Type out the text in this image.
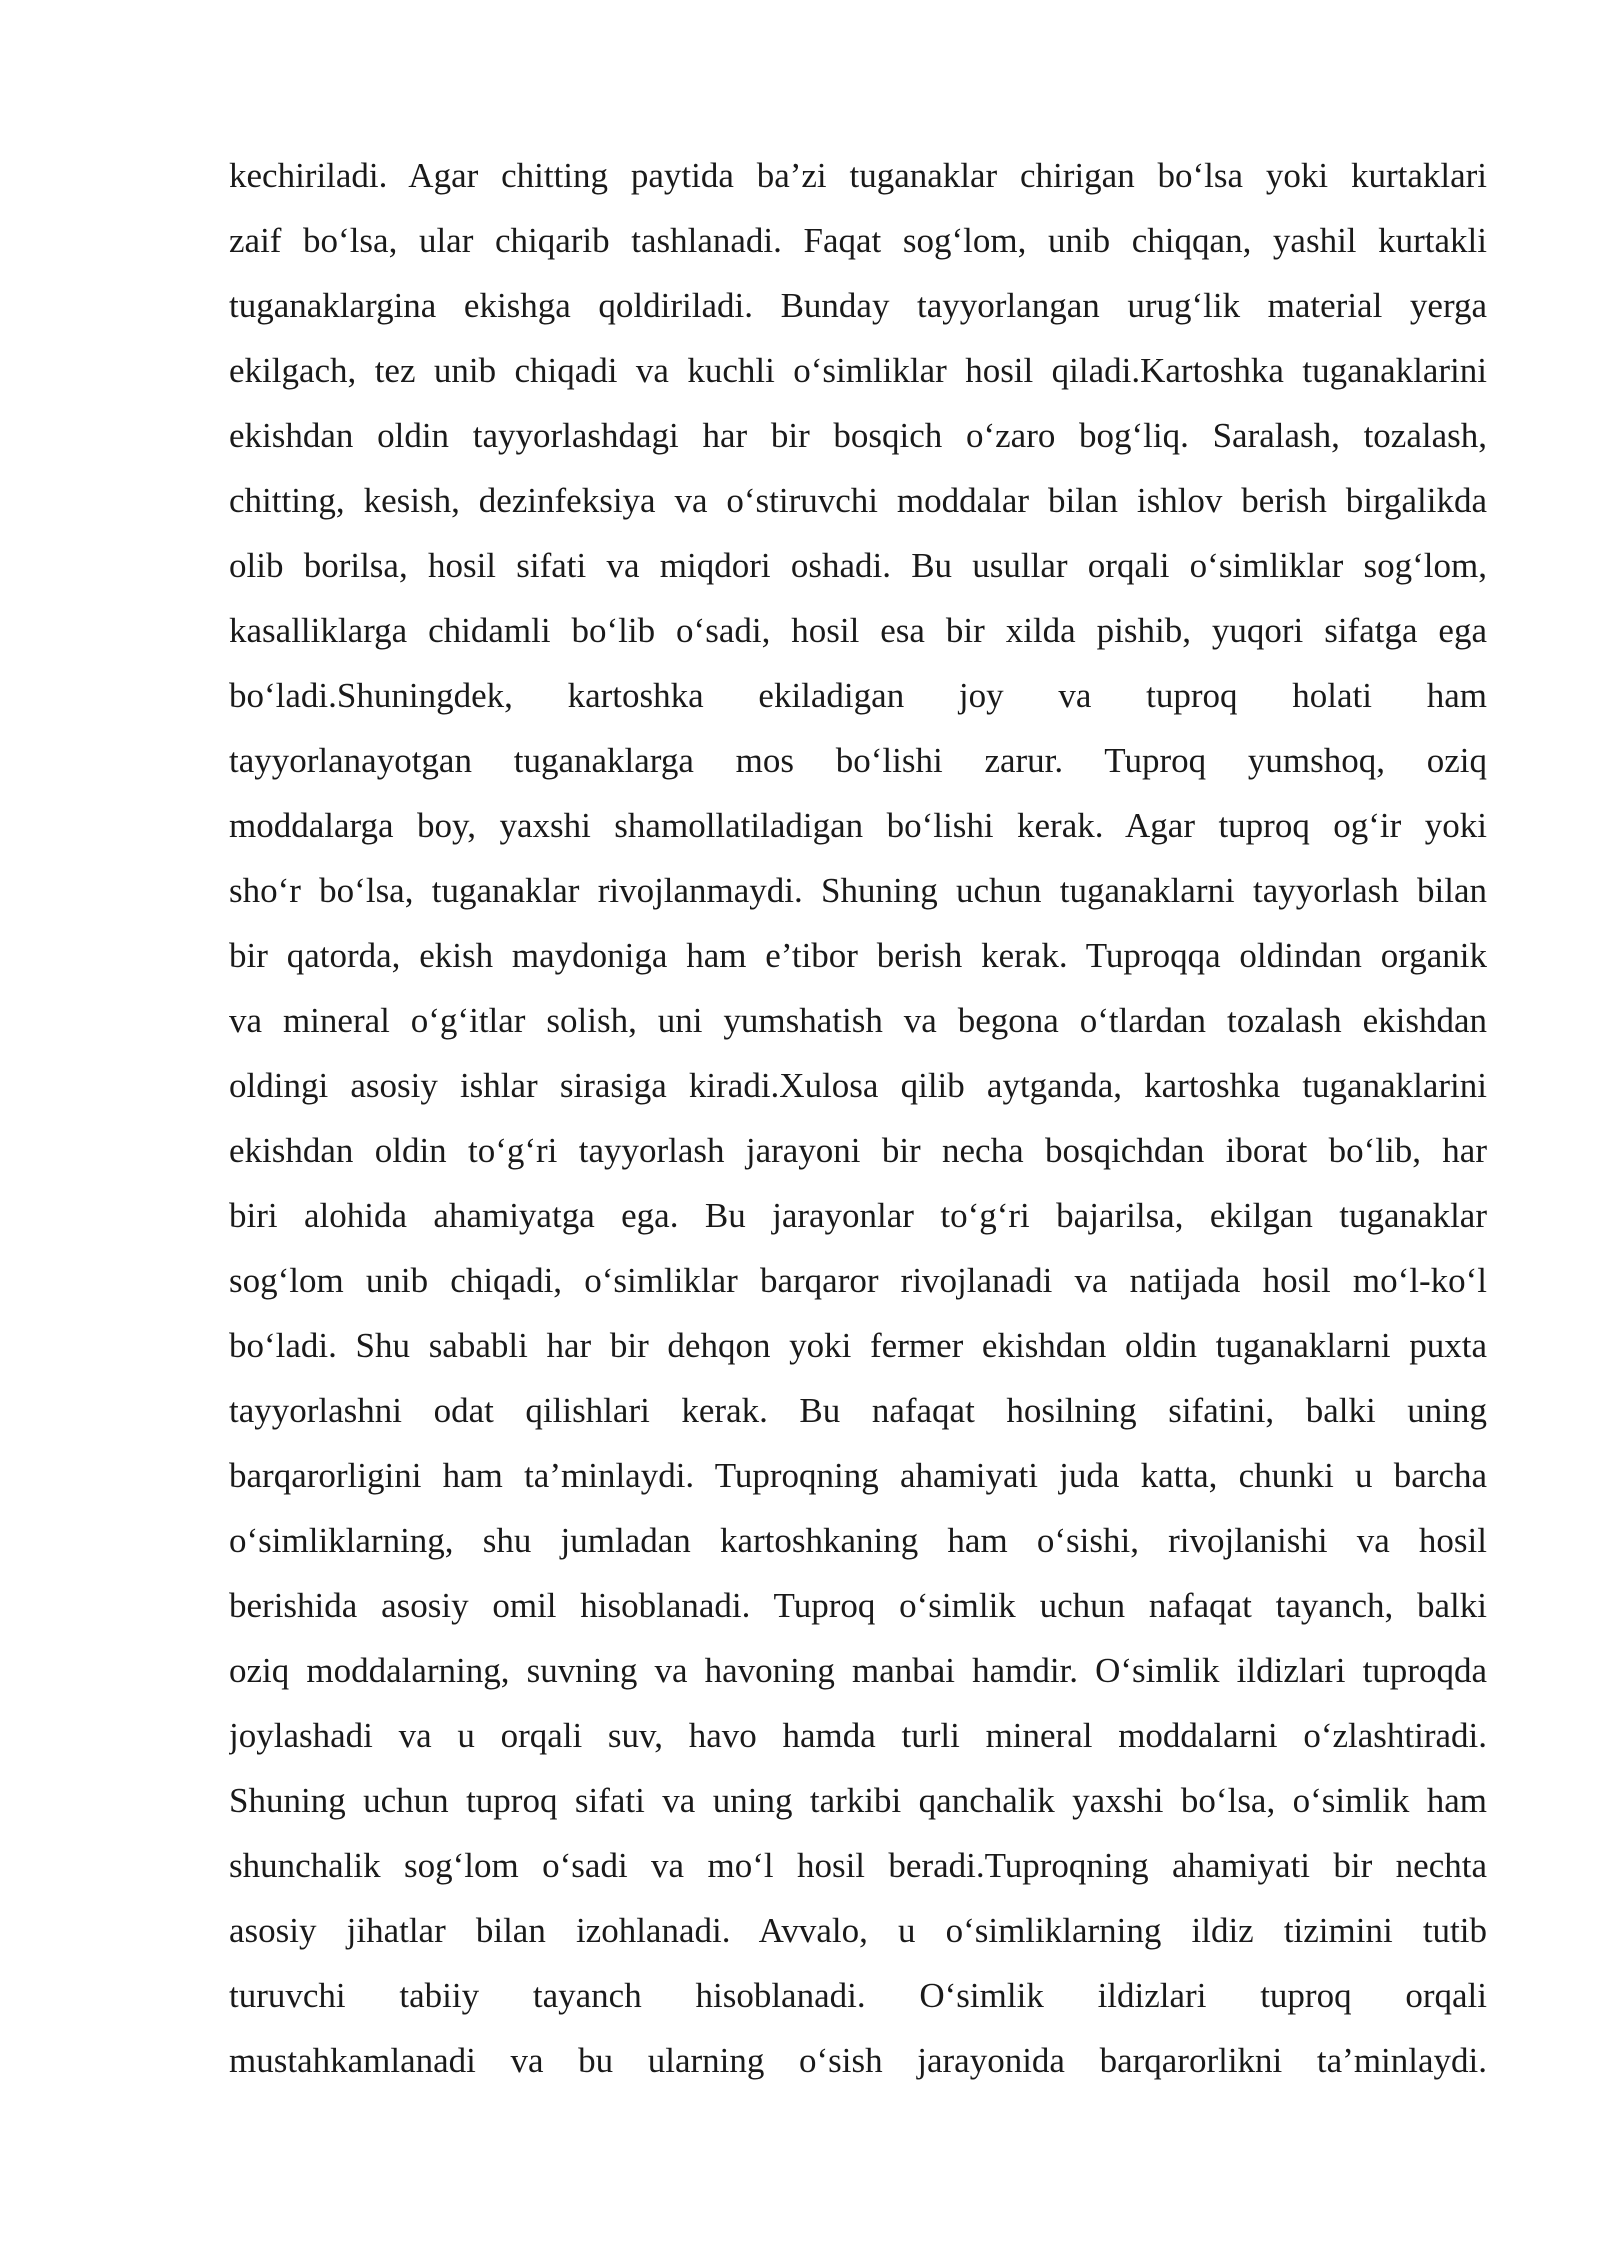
kechiriladi. Agar chitting paytida ba’zi tuganaklar chirigan bo‘lsa yoki kurtaklari
zaif bo‘lsa, ular chiqarib tashlanadi. Faqat sog‘lom, unib chiqqan, yashil kurtakli
tuganaklargina ekishga qoldiriladi. Bunday tayyorlangan urug‘lik material yerga
ekilgach, tez unib chiqadi va kuchli o‘simliklar hosil qiladi.Kartoshka tuganaklarini
ekishdan oldin tayyorlashdagi har bir bosqich o‘zaro bog‘liq. Saralash, tozalash,
chitting, kesish, dezinfeksiya va o‘stiruvchi moddalar bilan ishlov berish birgalikda
olib borilsa, hosil sifati va miqdori oshadi. Bu usullar orqali o‘simliklar sog‘lom,
kasalliklarga chidamli bo‘lib o‘sadi, hosil esa bir xilda pishib, yuqori sifatga ega
bo‘ladi.Shuningdek, kartoshka ekiladigan joy va tuproq holati ham
tayyorlanayotgan tuganaklarga mos bo‘lishi zarur. Tuproq yumshoq, oziq
moddalarga boy, yaxshi shamollatiladigan bo‘lishi kerak. Agar tuproq og‘ir yoki
sho‘r bo‘lsa, tuganaklar rivojlanmaydi. Shuning uchun tuganaklarni tayyorlash bilan
bir qatorda, ekish maydoniga ham e’tibor berish kerak. Tuproqqa oldindan organik
va mineral o‘g‘itlar solish, uni yumshatish va begona o‘tlardan tozalash ekishdan
oldingi asosiy ishlar sirasiga kiradi.Xulosa qilib aytganda, kartoshka tuganaklarini
ekishdan oldin to‘g‘ri tayyorlash jarayoni bir necha bosqichdan iborat bo‘lib, har
biri alohida ahamiyatga ega. Bu jarayonlar to‘g‘ri bajarilsa, ekilgan tuganaklar
sog‘lom unib chiqadi, o‘simliklar barqaror rivojlanadi va natijada hosil mo‘l-ko‘l
bo‘ladi. Shu sababli har bir dehqon yoki fermer ekishdan oldin tuganaklarni puxta
tayyorlashni odat qilishlari kerak. Bu nafaqat hosilning sifatini, balki uning
barqarorligini ham ta’minlaydi. Tuproqning ahamiyati juda katta, chunki u barcha
o‘simliklarning, shu jumladan kartoshkaning ham o‘sishi, rivojlanishi va hosil
berishida asosiy omil hisoblanadi. Tuproq o‘simlik uchun nafaqat tayanch, balki
oziq moddalarning, suvning va havoning manbai hamdir. O‘simlik ildizlari tuproqda
joylashadi va u orqali suv, havo hamda turli mineral moddalarni o‘zlashtiradi.
Shuning uchun tuproq sifati va uning tarkibi qanchalik yaxshi bo‘lsa, o‘simlik ham
shunchalik sog‘lom o‘sadi va mo‘l hosil beradi.Tuproqning ahamiyati bir nechta
asosiy jihatlar bilan izohlanadi. Avvalo, u o‘simliklarning ildiz tizimini tutib
turuvchi tabiiy tayanch hisoblanadi. O‘simlik ildizlari tuproq orqali
mustahkamlanadi va bu ularning o‘sish jarayonida barqarorlikni ta’minlaydi.
